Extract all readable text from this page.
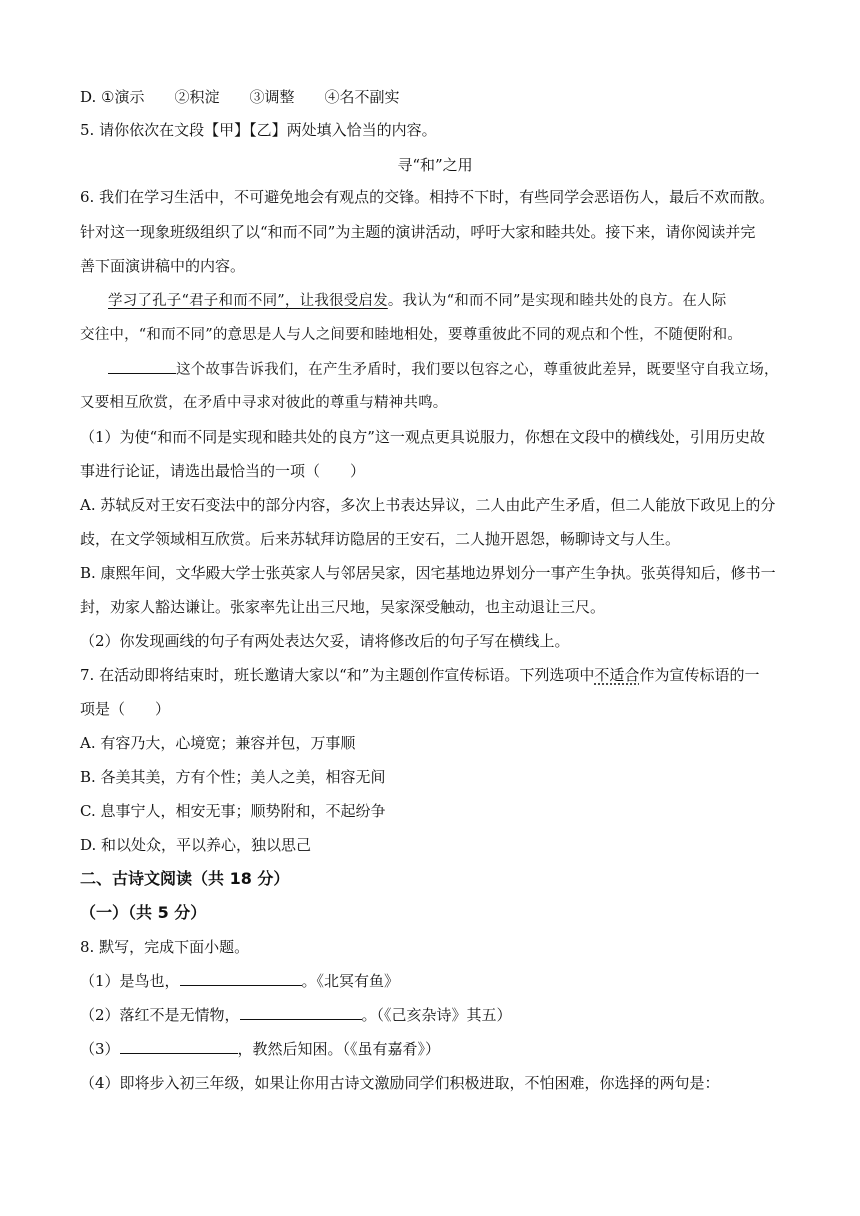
D. ①演示　　②积淀　　③调整　　④名不副实
5. 请你依次在文段【甲】【乙】两处填入恰当的内容。
寻“和”之用
6. 我们在学习生活中，不可避免地会有观点的交锋。相持不下时，有些同学会恶语伤人，最后不欢而散。
针对这一现象班级组织了以“和而不同”为主题的演讲活动，呼吁大家和睦共处。接下来，请你阅读并完
善下面演讲稿中的内容。
学习了孔子“君子和而不同”，让我很受启发。我认为“和而不同”是实现和睦共处的良方。在人际
交往中，“和而不同”的意思是人与人之间要和睦地相处，要尊重彼此不同的观点和个性，不随便附和。
这个故事告诉我们，在产生矛盾时，我们要以包容之心，尊重彼此差异，既要坚守自我立场，
又要相互欣赏，在矛盾中寻求对彼此的尊重与精神共鸣。
（1）为使“和而不同是实现和睦共处的良方”这一观点更具说服力，你想在文段中的横线处，引用历史故
事进行论证，请选出最恰当的一项（　　）
A. 苏轼反对王安石变法中的部分内容，多次上书表达异议，二人由此产生矛盾，但二人能放下政见上的分
歧，在文学领域相互欣赏。后来苏轼拜访隐居的王安石，二人抛开恩怨，畅聊诗文与人生。
B. 康熙年间，文华殿大学士张英家人与邻居吴家，因宅基地边界划分一事产生争执。张英得知后，修书一
封，劝家人豁达谦让。张家率先让出三尺地，吴家深受触动，也主动退让三尺。
（2）你发现画线的句子有两处表达欠妥，请将修改后的句子写在横线上。
7. 在活动即将结束时，班长邀请大家以“和”为主题创作宣传标语。下列选项中不适合作为宣传标语的一
项是（　　）
A. 有容乃大，心境宽；兼容并包，万事顺
B. 各美其美，方有个性；美人之美，相容无间
C. 息事宁人，相安无事；顺势附和，不起纷争
D. 和以处众，平以养心，独以思己
二、古诗文阅读（共 18 分）
（一）（共 5 分）
8. 默写，完成下面小题。
（1）是鸟也，	。《北冥有鱼》
（2）落红不是无情物，	。（《己亥杂诗》其五）
（3）	，教然后知困。（《虽有嘉肴》）
（4）即将步入初三年级，如果让你用古诗文激励同学们积极进取，不怕困难，你选择的两句是：
